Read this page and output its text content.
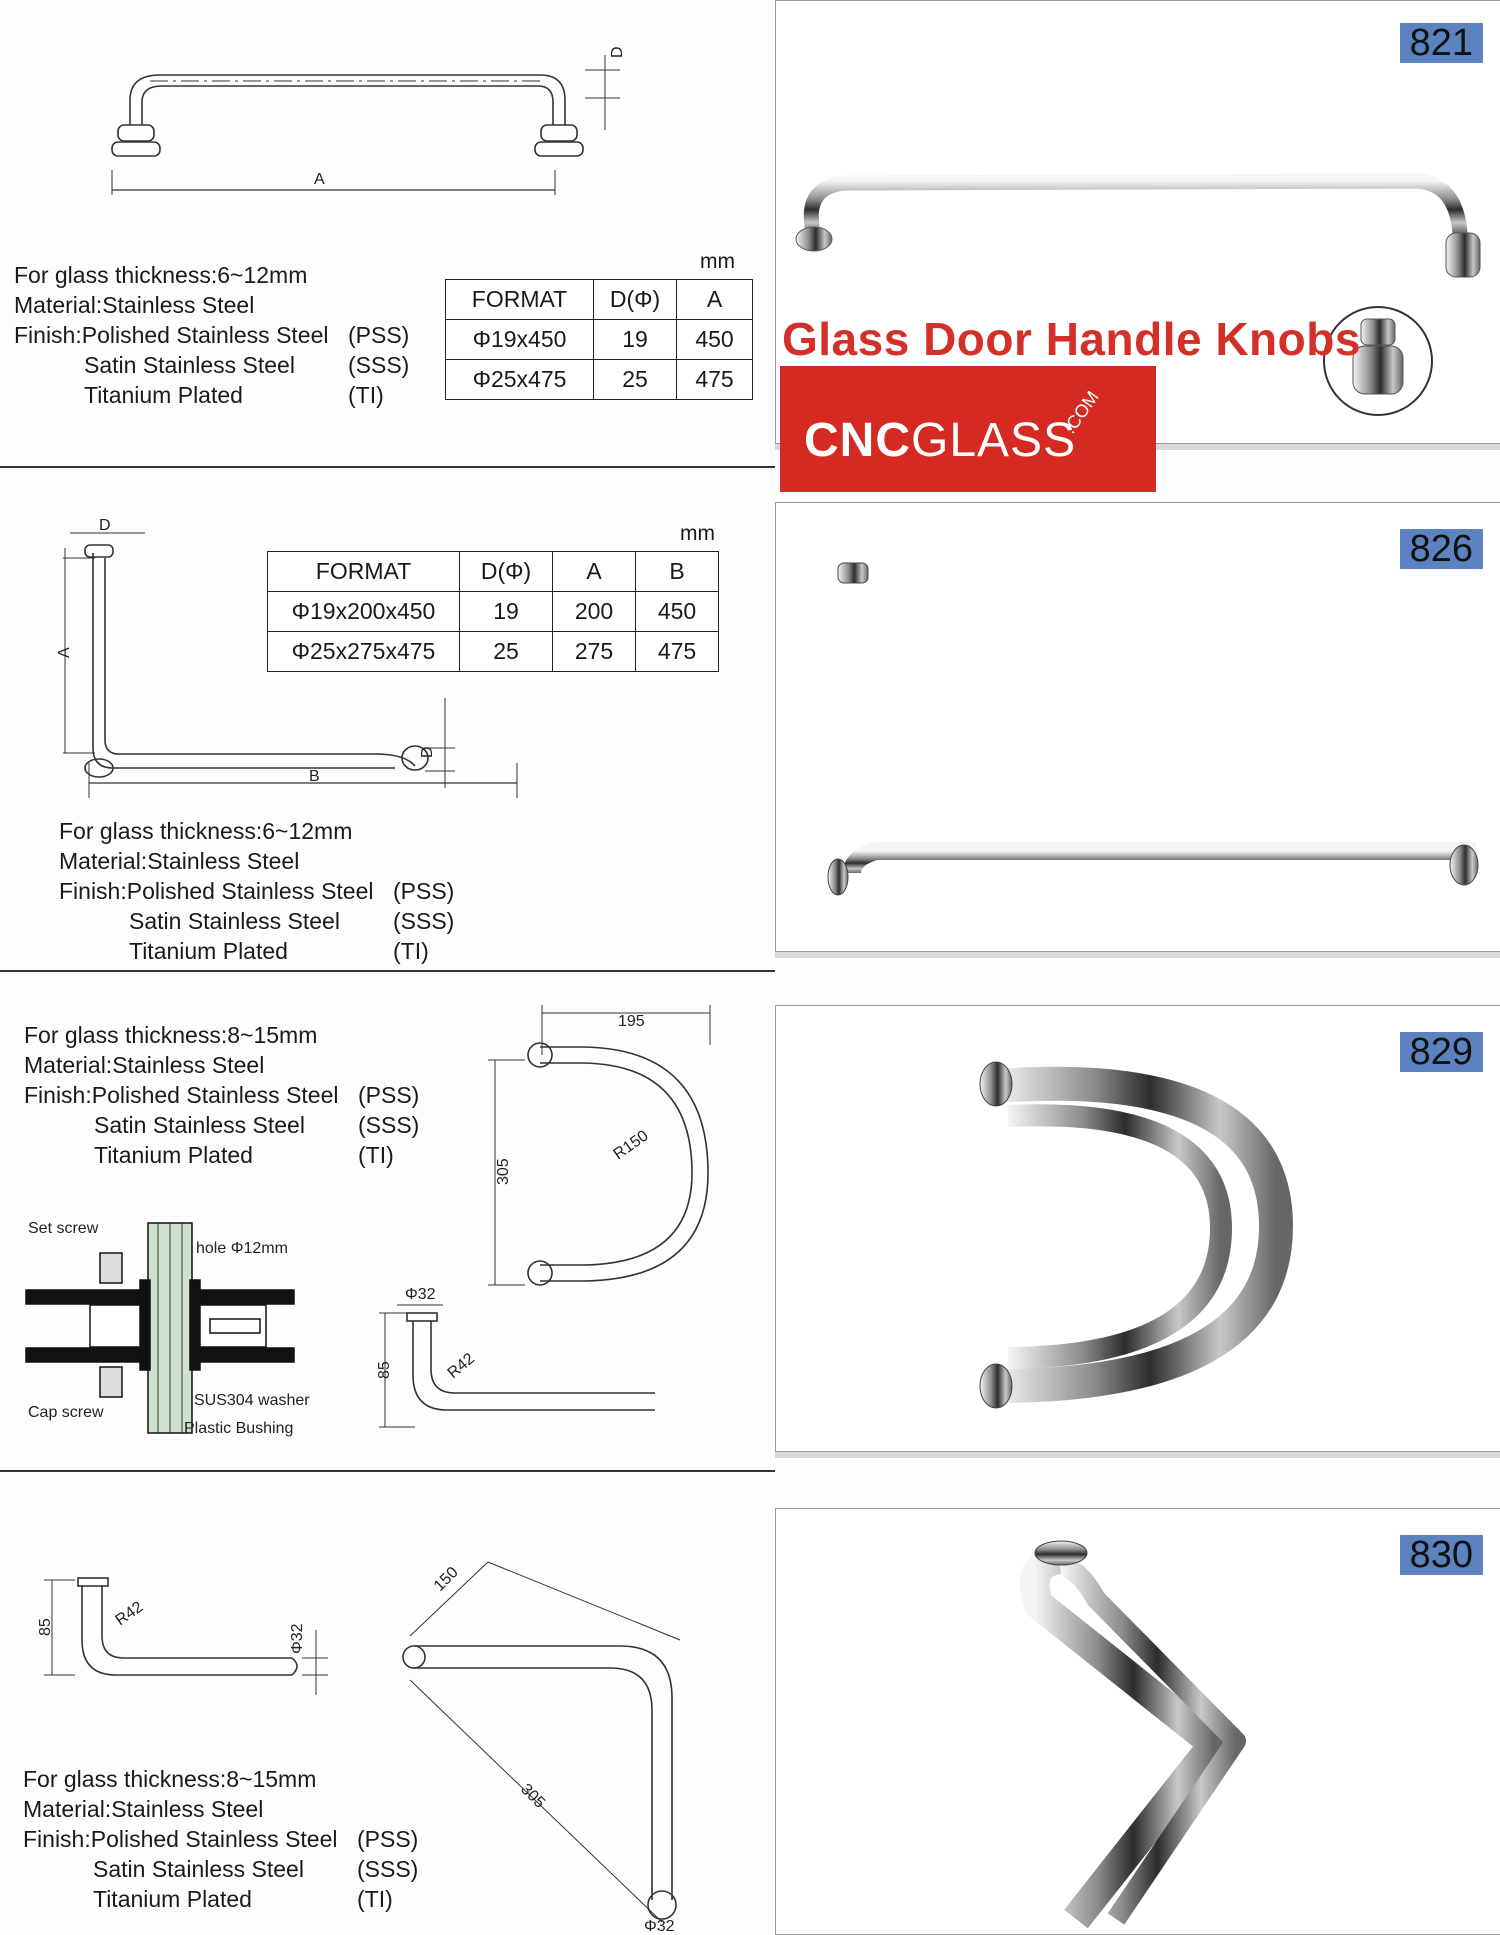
A
D
For glass thickness:6~12mm
Material:Stainless Steel
Finish:Polished Stainless Steel (PSS)
Satin Stainless Steel	(SSS)
Titanium Plated	(TI)
mm
FORMAT	D(Φ)	A
Φ19x450	19	450
Φ25x475	25	475
821
Glass Door Handle Knobs
CNCGLASS
.COM
D
A
B
D
mm
FORMAT	D(Φ)	A	B
Φ19x200x450	19	200	450
Φ25x275x475	25	275	475
For glass thickness:6~12mm
Material:Stainless Steel
Finish:Polished Stainless Steel (PSS)
Satin Stainless Steel	(SSS)
Titanium Plated	(TI)
826
For glass thickness:8~15mm
Material:Stainless Steel
Finish:Polished Stainless Steel (PSS)
Satin Stainless Steel	(SSS)
Titanium Plated	(TI)
Set screw
Cap screw
hole Φ12mm
SUS304 washer
Plastic Bushing
195
305
R150
Φ32
85	R42
829
85	R42
Φ32
150
305
Φ32
For glass thickness:8~15mm
Material:Stainless Steel
Finish:Polished Stainless Steel (PSS)
Satin Stainless Steel	(SSS)
Titanium Plated	(TI)
830
